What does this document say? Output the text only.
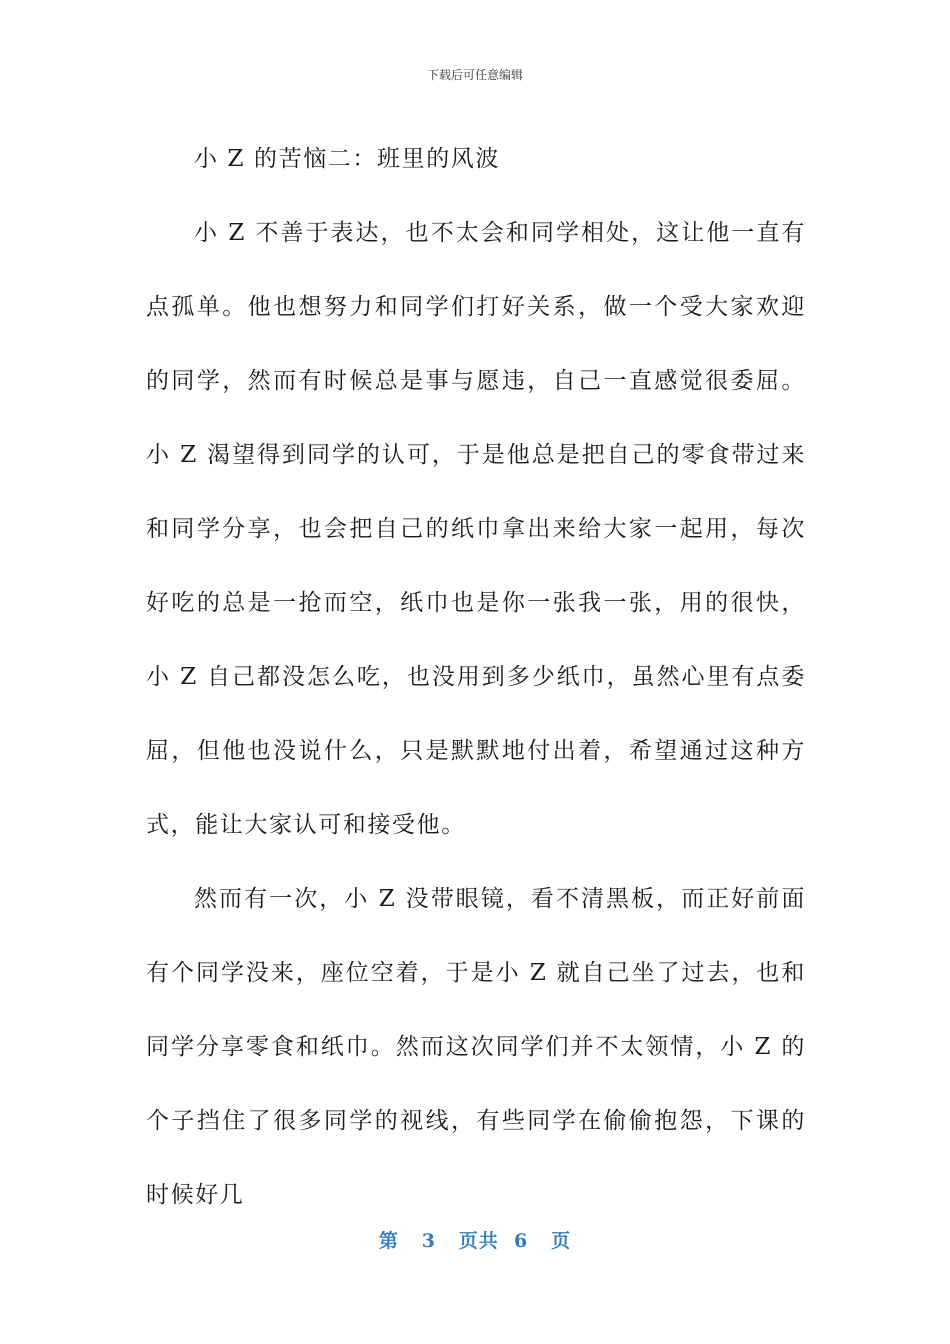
下载后可任意编辑

小 Z 的苦恼二：班里的风波

小 Z 不善于表达，也不太会和同学相处，这让他一直有点孤单。他也想努力和同学们打好关系，做一个受大家欢迎的同学，然而有时候总是事与愿违，自己一直感觉很委屈。小 Z 渴望得到同学的认可，于是他总是把自己的零食带过来和同学分享，也会把自己的纸巾拿出来给大家一起用，每次好吃的总是一抢而空，纸巾也是你一张我一张，用的很快，小 Z 自己都没怎么吃，也没用到多少纸巾，虽然心里有点委屈，但他也没说什么，只是默默地付出着，希望通过这种方式，能让大家认可和接受他。

然而有一次，小 Z 没带眼镜，看不清黑板，而正好前面有个同学没来，座位空着，于是小 Z 就自己坐了过去，也和同学分享零食和纸巾。然而这次同学们并不太领情，小 Z 的个子挡住了很多同学的视线，有些同学在偷偷抱怨，下课的时候好几

第 3 页共 6 页
